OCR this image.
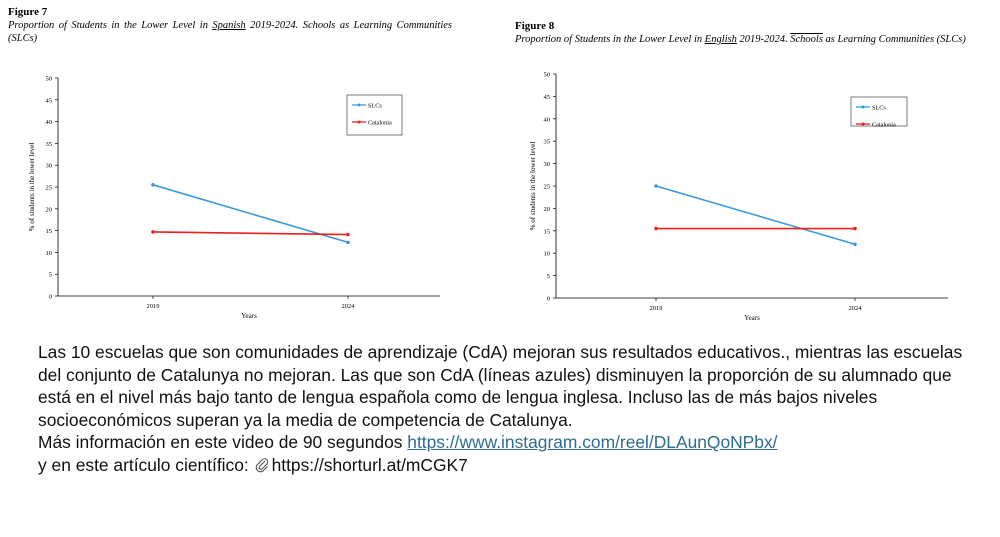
Figure 7
Proportion of Students in the Lower Level in Spanish 2019-2024. Schools as Learning Communities (SLCs)
0
5
10
15
20
25
30
35
40
45
50
2019	2024
Years
% of students in the lower level
SLCs
Catalonia
Figure 8
Proportion of Students in the Lower Level in English 2019-2024. Schools as Learning Communities (SLCs)
0
5
10
15
20
25
30
35
40
45
50
2019	2024
Years
% of students in the lower level
SLCs
Catalonia

Las 10 escuelas que son comunidades de aprendizaje (CdA) mejoran sus resultados educativos., mientras las escuelas del conjunto de Catalunya no mejoran. Las que son CdA (líneas azules) disminuyen la proporción de su alumnado que está en el nivel más bajo tanto de lengua española como de lengua inglesa. Incluso las de más bajos niveles socioeconómicos superan ya la media de competencia de Catalunya.

Más información en este video de 90 segundos https://www.instagram.com/reel/DLAunQoNPbx/

y en este artículo científico: https://shorturl.at/mCGK7
